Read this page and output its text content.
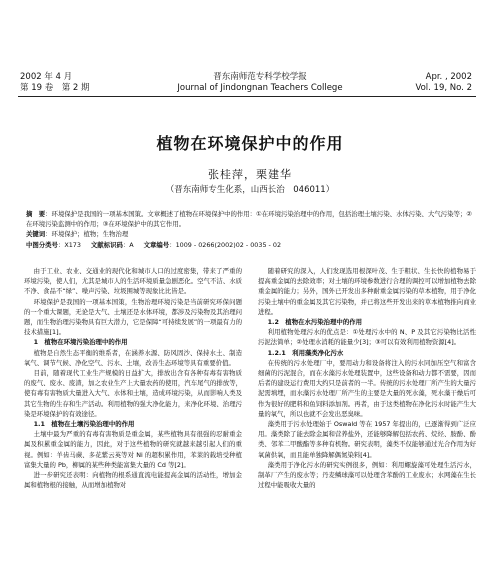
2002 年 4 月
第 19 卷　第 2 期
晋东南师范专科学校学报
Journal of Jindongnan Teachers College
Apr. , 2002
Vol. 19, No. 2
植物在环境保护中的作用
张桂萍，栗建华
（晋东南师专生化系，山西长治　046011）
摘　要：环境保护是我国的一项基本国策。文章概述了植物在环境保护中的作用：①在环境污染治理中的作用，包括治理土壤污染、水体污染、大气污染等；②在环境污染监测中的作用；③在环境保护中的其它作用。
关键词：环境保护；植物；生物治理
中图分类号：X173 文献标识码：A 文章编号：1009 - 0266(2002)02 - 0035 - 02

由于工业、农业、交通业的现代化和城市人口的过度密集，带来了严重的环境污染，使人们，尤其是城市人的生活环境质量急剧恶化。空气不洁、水质不净、食品不“绿”、噪声污染、垃圾围城等现象比比皆是。

环境保护是我国的一项基本国策，生物治理环境污染是当前研究环保问题的一个重大课题，无论是大气、土壤还是水体环境，都涉及污染物及其治理问题，而生物治理污染物具有巨大潜力，它是保障“可持续发展”的一项最有力的技术措施[1]。

1　植物在环境污染治理中的作用

植物是自然生态平衡的维系者，在涵养水源、防风固沙、保持水土、制造氧气、调节气候、净化空气、污水、土壤，改善生态环境等具有重要价值。

目前，随着现代工业生产规模的日益扩大，排放出含有各种有毒有害物质的废气、废水、废渣，加之农业生产上大量农药的使用，汽车尾气的排放等，使有毒有害物质大量进入大气、水体和土壤，造成环境污染，从而影响人类及其它生物的生存和生产活动。利用植物的强大净化能力，来净化环境、治理污染是环境保护的有效途径。

1.1　植物在土壤污染治理中的作用

土壤中最为严重的有毒有害物质是重金属，某些植物具有很强的忍耐重金属及积累重金属的能力，因此，对于这些植物的研究就越来越引起人们的重视。例如：羊齿马蕨、多花紫云英等对 Ni 的超积累作用，苯莱的载培受种植富集大量的 Pb，柳属的某些种类能富集大量的 Cd 等[2]。

进一步研究还表明：向植物的根系通直流电能提高金属的活动性，增加金属和植物根的接触，从而增加植物对

随着研究的深入，人们发现选用根深叶茂、生于粗状、生长快的植物易于提高重金属的去除效率；对土壤的环境参数进行合理的调控可以增加植物去除重金属的能力；另外，国外已开发出多种耐重金属污染的草本植物，用于净化污染土壤中的重金属及其它污染物，并已将这些开发出来的草本植物推向商业进程。

1.2　植物在水污染治理中的作用

利用植物处理污水的优点是：①处理污水中的 N、P 及其它污染物比活性污泥法简单；②处理水消耗的能量少[3]；③可以有效利用植物资源[4]。

1.2.1　利用藻类净化污水

在传统的污水处理厂中，要用动力和设备将注入的污水同加压空气和富含细菌的污泥混合，而在水藻污水处理装置中，这些设备和动力都不需要，因而后者的建设运行费用大约只是前者的一半。传统的污水处理厂所产生的大量污泥需填埋，而水藻污水处理厂所产生的主要是大量的死水藻，死水藻干燥后可作为很好的肥料和鱼饲料添加剂。再者，由于这类植物在净化污水时能产生大量的氧气，所以也就不会发出恶臭味。

藻类用于污水处理始于 Oswald 等在 1957 年提出的，已逐渐得到广泛应用。藻类除了能去除金属和营养盐外，还能够降解包括农药、烷烃、胺酚、酚类、邻苯二甲酸酯等多种有机物。研究表明，藻类不仅能够通过光合作用为好氧菌供氧，而且能单独降解偶氮染料[4]。

藻类用于净化污水的研究实例很多，例如：利用螺旋藻可处理生活污水，制革厂产生的废水等；丹麦鳞球藻可以处理含苯酚的工业废水；水网藻在生长过程中能吸收大量的
